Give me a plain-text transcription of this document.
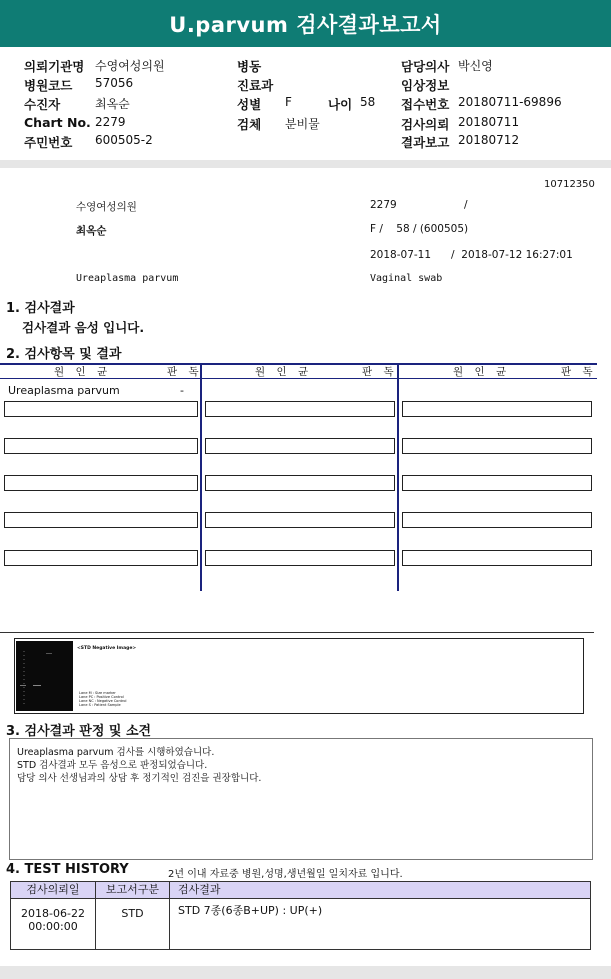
U.parvum 검사결과보고서
의뢰기관명 수영여성의원
병원코드 57056
수진자	최옥순
Chart No. 2279
주민번호 600505-2
병동
진료과
성별 F	나이 58
검체 분비물
담당의사 박신영
임상정보
접수번호 20180711-69896
검사의뢰 20180711
결과보고 20180712
10712350
수영여성의원	2279	/
최옥순	F /    58 / (600505)
2018-07-11      /  2018-07-12 16:27:01
Ureaplasma parvum	Vaginal swab
1. 검사결과
검사결과 음성 입니다.
2. 검사항목 및 결과
원 인 균	판 독	원 인 균	판 독	원 인 균	판 독
Ureaplasma parvum	-
<STD Negative Image>
Lane M : Size marker
Lane PC : Positive Control
Lane NC : Negative Control
Lane S : Patient Sample
3. 검사결과 판정 및 소견
Ureaplasma parvum 검사를 시행하였습니다.
STD 검사결과 모두 음성으로 판정되었습니다.
담당 의사 선생님과의 상담 후 정기적인 검진을 권장합니다.
4. TEST HISTORY	2년 이내 자료중 병원,성명,생년월일 일치자료 입니다.
검사의뢰일	보고서구분	검사결과
2018-06-22
00:00:00
STD	STD 7종(6종B+UP) : UP(+)
